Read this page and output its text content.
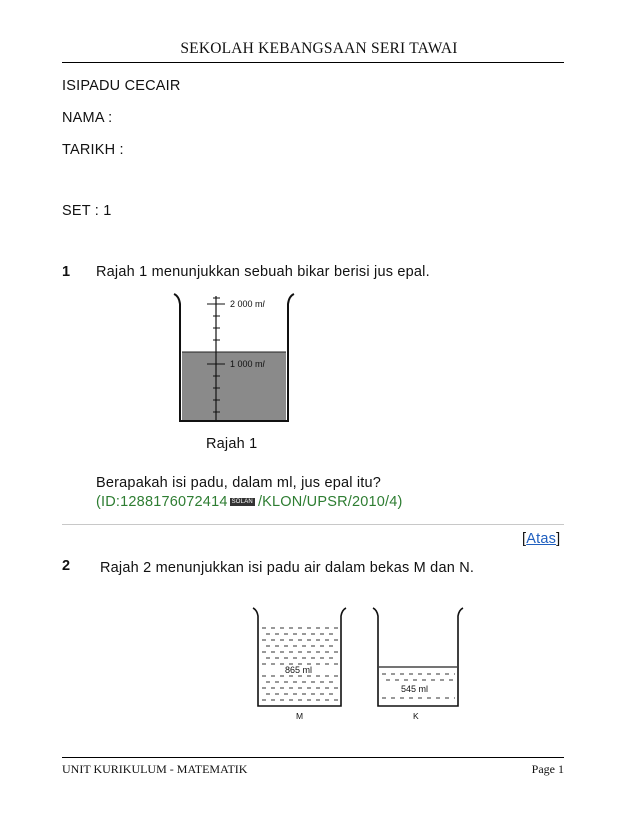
SEKOLAH KEBANGSAAN SERI TAWAI
ISIPADU CECAIR
NAMA :
TARIKH :
SET : 1
1 Rajah 1 menunjukkan sebuah bikar berisi jus epal.
2 000 ml
1 000 ml
Rajah 1
Berapakah isi padu, dalam ml, jus epal itu?
(ID:1288176072414 SOLAN /KLON/UPSR/2010/4)
[Atas]
2 Rajah 2 menunjukkan isi padu air dalam bekas M dan N.
865 ml
M
545 ml
K
UNIT KURIKULUM - MATEMATIK	Page 1
